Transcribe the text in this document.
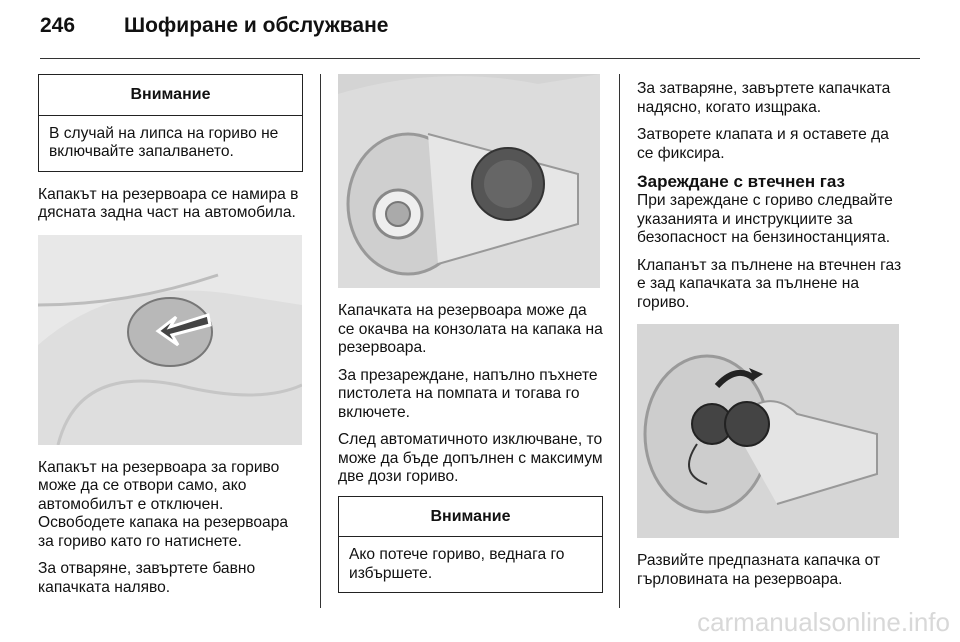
246 Шофиране и обслужване
Внимание
В случай на липса на гориво не включвайте запалването.

Капакът на резервоара се намира в дясната задна част на автомобила.

Капакът на резервоара за гориво може да се отвори само, ако автомобилът е отключен. Освободете капака на резервоара за гориво като го натиснете.

За отваряне, завъртете бавно капачката наляво.

Капачката на резервоара може да се окачва на конзолата на капака на резервоара.

За презареждане, напълно пъхнете пистолета на помпата и тогава го включете.

След автоматичното изключване, то може да бъде допълнен с максимум две дози гориво.

Внимание
Ако потече гориво, веднага го избършете.

За затваряне, завъртете капачката надясно, когато изщрака.

Затворете клапата и я оставете да се фиксира.

Зареждане с втечнен газ

При зареждане с гориво следвайте указанията и инструкциите за безопасност на бензиностанцията.

Клапанът за пълнене на втечнен газ е зад капачката за пълнене на гориво.

Развийте предпазната капачка от гърловината на резервоара.

carmanualsonline.info
